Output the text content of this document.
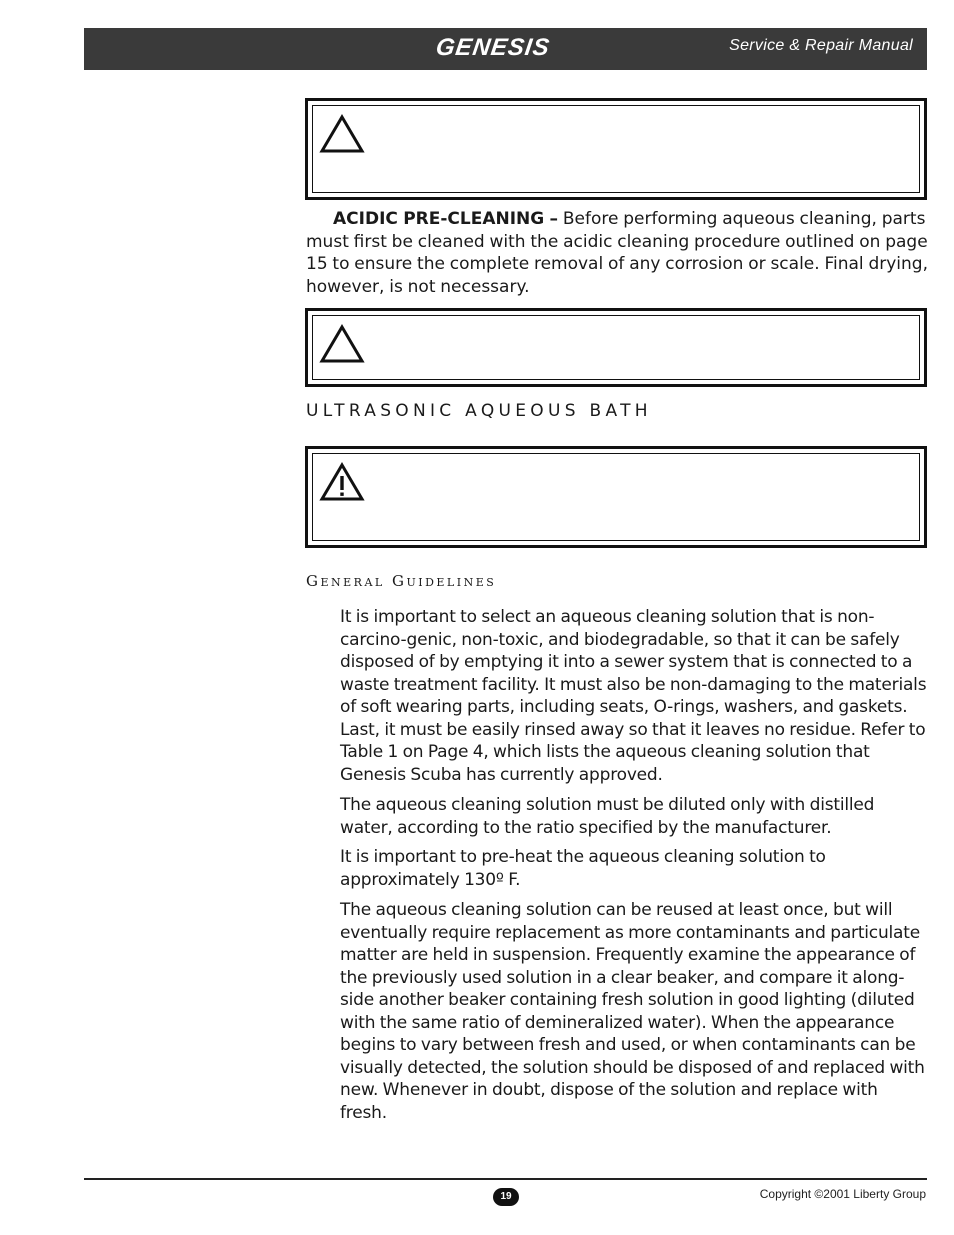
GENESIS	Service & Repair Manual

ACIDIC PRE-CLEANING – Before performing aqueous cleaning, parts must first be cleaned with the acidic cleaning procedure outlined on page 15 to ensure the complete removal of any corrosion or scale. Final drying, however, is not necessary.

ULTRASONIC AQUEOUS BATH
General Guidelines

It is important to select an aqueous cleaning solution that is non-carcino-genic, non-toxic, and biodegradable, so that it can be safely disposed of by emptying it into a sewer system that is connected to a waste treatment facility. It must also be non-damaging to the materials of soft wearing parts, including seats, O-rings, washers, and gaskets. Last, it must be easily rinsed away so that it leaves no residue. Refer to Table 1 on Page 4, which lists the aqueous cleaning solution that Genesis Scuba has currently approved.

The aqueous cleaning solution must be diluted only with distilled water, according to the ratio specified by the manufacturer.

It is important to pre-heat the aqueous cleaning solution to approximately 130º F.

The aqueous cleaning solution can be reused at least once, but will eventually require replacement as more contaminants and particulate matter are held in suspension. Frequently examine the appearance of the previously used solution in a clear beaker, and compare it along-side another beaker containing fresh solution in good lighting (diluted with the same ratio of demineralized water). When the appearance begins to vary between fresh and used, or when contaminants can be visually detected, the solution should be disposed of and replaced with new. Whenever in doubt, dispose of the solution and replace with fresh.

19	Copyright ©2001 Liberty Group
